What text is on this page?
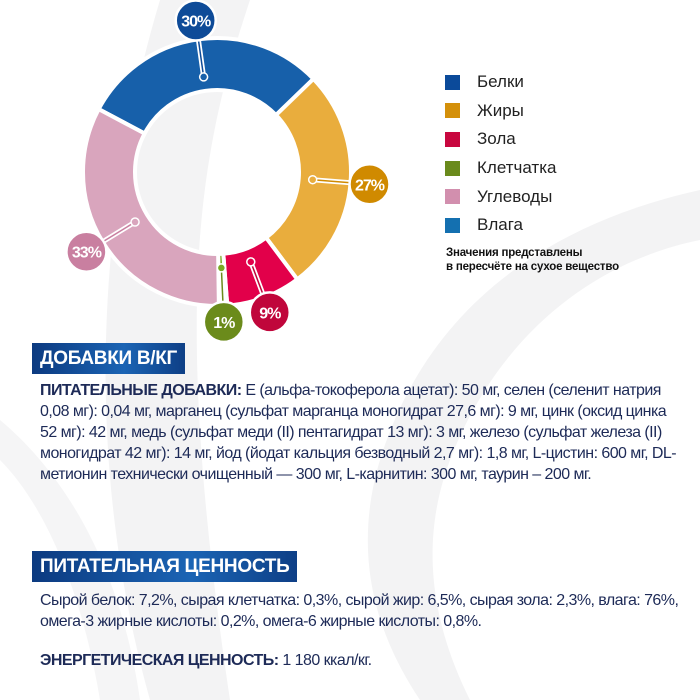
30%
27%
9%
1%
33%
Белки
Жиры
Зола
Клетчатка
Углеводы
Влага
Значения представлены
в пересчёте на сухое вещество
ДОБАВКИ В/КГ
ПИТАТЕЛЬНЫЕ ДОБАВКИ: Е (альфа-токоферола ацетат): 50 мг, селен (селенит натрия 0,08 мг): 0,04 мг, марганец (сульфат марганца моногидрат 27,6 мг): 9 мг, цинк (оксид цинка 52 мг): 42 мг, медь (сульфат меди (II) пентагидрат 13 мг): 3 мг, железо (сульфат железа (II) моногидрат 42 мг): 14 мг, йод (йодат кальция безводный 2,7 мг): 1,8 мг, L-цистин: 600 мг, DL-метионин технически очищенный — 300 мг, L-карнитин: 300 мг, таурин – 200 мг.
ПИТАТЕЛЬНАЯ ЦЕННОСТЬ
Сырой белок: 7,2%, сырая клетчатка: 0,3%, сырой жир: 6,5%, сырая зола: 2,3%, влага: 76%, омега-3 жирные кислоты: 0,2%, омега-6 жирные кислоты: 0,8%.
ЭНЕРГЕТИЧЕСКАЯ ЦЕННОСТЬ: 1 180 ккал/кг.
